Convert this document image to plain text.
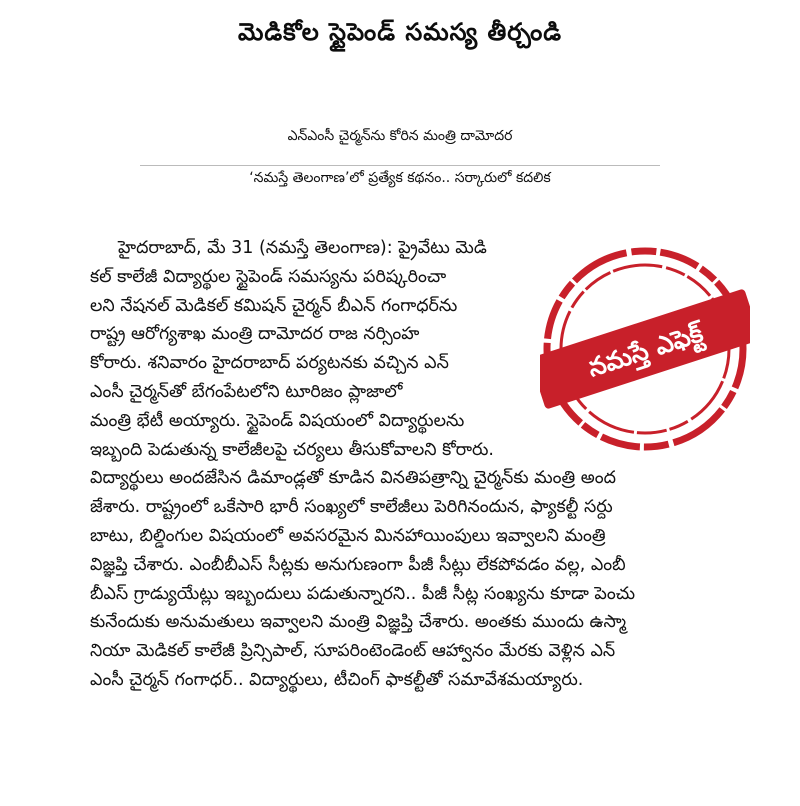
మెడికోల స్టైపెండ్‌ సమస్య తీర్చండి
ఎన్‌ఎంసీ చైర్మన్‌ను కోరిన మంత్రి దామోదర
‘నమస్తే తెలంగాణ’లో ప్రత్యేక కథనం.. సర్కారులో కదలిక
హైదరాబాద్‌, మే 31 (నమస్తే తెలంగాణ): ప్రైవేటు మెడి
కల్‌ కాలేజీ విద్యార్థుల స్టైపెండ్‌ సమస్యను పరిష్కరించా
లని నేషనల్‌ మెడికల్‌ కమిషన్‌ చైర్మన్‌ బీఎన్‌ గంగాధర్‌ను
రాష్ట్ర ఆరోగ్యశాఖ మంత్రి దామోదర రాజ నర్సింహ
కోరారు. శనివారం హైదరాబాద్‌ పర్యటనకు వచ్చిన ఎన్‌
ఎంసీ చైర్మన్‌తో బేగంపేటలోని టూరిజం ప్లాజాలో
మంత్రి భేటీ అయ్యారు. స్టైపెండ్‌ విషయంలో విద్యార్థులను
ఇబ్బంది పెడుతున్న కాలేజీలపై చర్యలు తీసుకోవాలని కోరారు.
విద్యార్థులు అందజేసిన డిమాండ్లతో కూడిన వినతిపత్రాన్ని చైర్మన్‌కు మంత్రి అంద
జేశారు. రాష్ట్రంలో ఒకేసారి భారీ సంఖ్యలో కాలేజీలు పెరిగినందున, ఫ్యాకల్టీ సర్దు
బాటు, బిల్డింగుల విషయంలో అవసరమైన మినహాయింపులు ఇవ్వాలని మంత్రి
విజ్ఞప్తి చేశారు. ఎంబీబీఎస్‌ సీట్లకు అనుగుణంగా పీజీ సీట్లు లేకపోవడం వల్ల, ఎంబీ
బీఎస్‌ గ్రాడ్యుయేట్లు ఇబ్బందులు పడుతున్నారని.. పీజీ సీట్ల సంఖ్యను కూడా పెంచు
కునేందుకు అనుమతులు ఇవ్వాలని మంత్రి విజ్ఞప్తి చేశారు. అంతకు ముందు ఉస్మా
నియా మెడికల్‌ కాలేజీ ప్రిన్సిపాల్‌, సూపరింటెండెంట్‌ ఆహ్వానం మేరకు వెళ్లిన ఎన్‌
ఎంసీ చైర్మన్‌ గంగాధర్‌.. విద్యార్థులు, టీచింగ్‌ ఫాకల్టీతో సమావేశమయ్యారు.
నమస్తే ఎఫెక్ట్‌
